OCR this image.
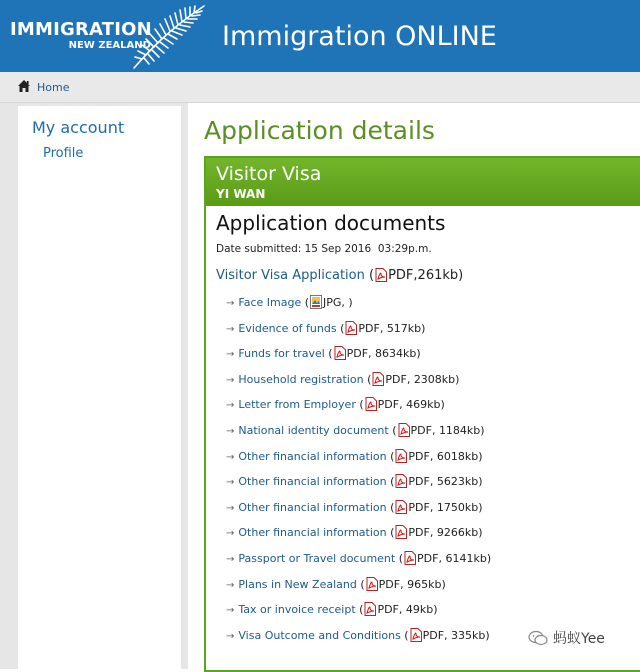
IMMIGRATION
NEW ZEALAND	Immigration ONLINE
Home
My account
Profile
Application details
Visitor Visa
YI WAN
Application documents
Date submitted: 15 Sep 2016  03:29p.m.
Visitor Visa Application ( PDF,261kb)
→ Face Image ( JPG, )
→ Evidence of funds ( PDF, 517kb)
→ Funds for travel ( PDF, 8634kb)
→ Household registration ( PDF, 2308kb)
→ Letter from Employer ( PDF, 469kb)
→ National identity document ( PDF, 1184kb)
→ Other financial information ( PDF, 6018kb)
→ Other financial information ( PDF, 5623kb)
→ Other financial information ( PDF, 1750kb)
→ Other financial information ( PDF, 9266kb)
→ Passport or Travel document ( PDF, 6141kb)
→ Plans in New Zealand ( PDF, 965kb)
→ Tax or invoice receipt ( PDF, 49kb)
→ Visa Outcome and Conditions ( PDF, 335kb)	蚂蚁Yee
